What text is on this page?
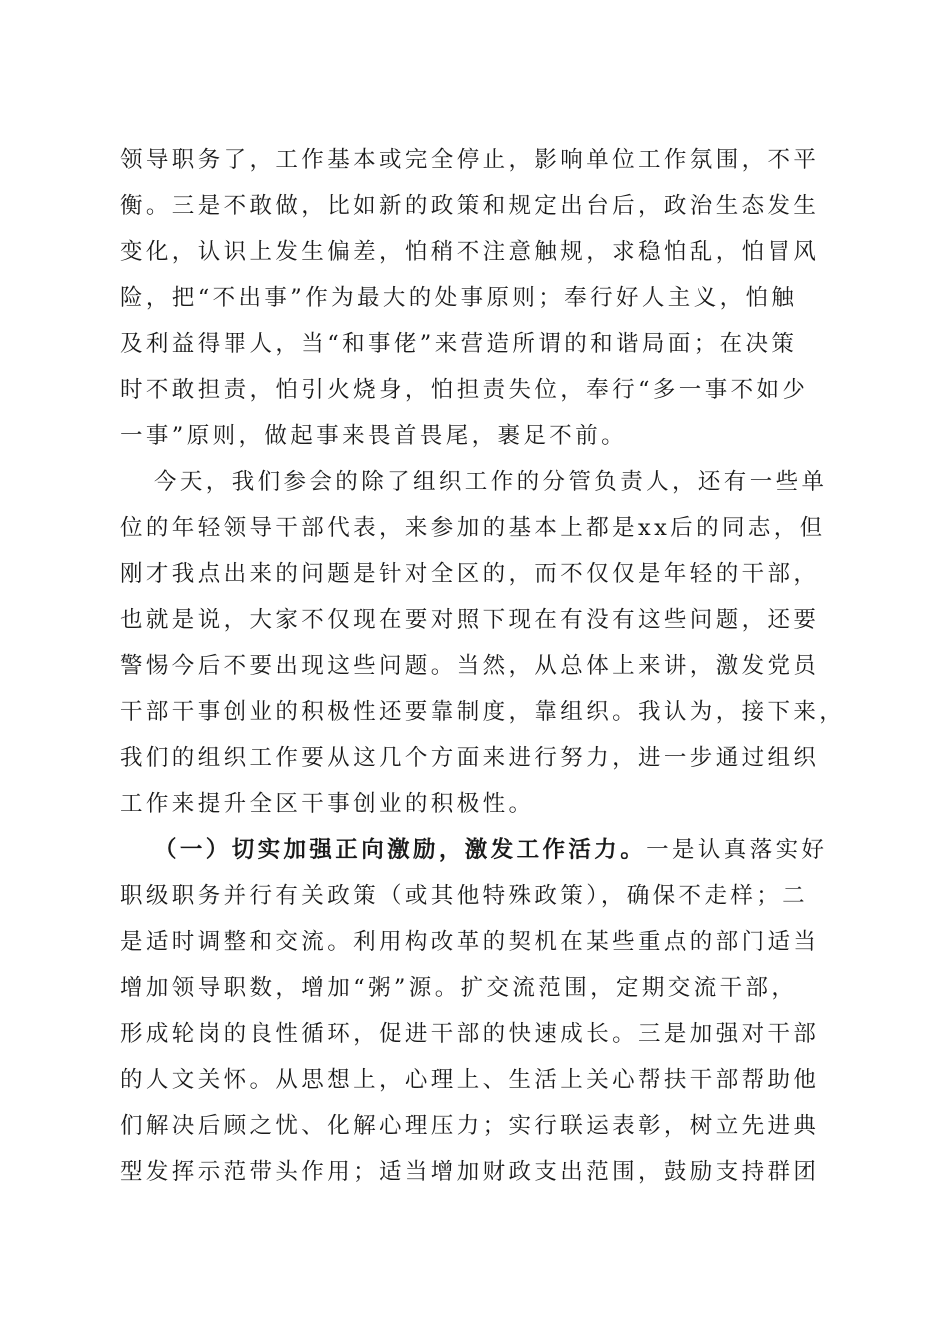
领导职务了，工作基本或完全停止，影响单位工作氛围，不平
衡。三是不敢做，比如新的政策和规定出台后，政治生态发生
变化，认识上发生偏差，怕稍不注意触规，求稳怕乱，怕冒风
险，把“不出事”作为最大的处事原则；奉行好人主义，怕触
及利益得罪人，当“和事佬”来营造所谓的和谐局面；在决策
时不敢担责，怕引火烧身，怕担责失位，奉行“多一事不如少
一事”原则，做起事来畏首畏尾，裹足不前。
今天，我们参会的除了组织工作的分管负责人，还有一些单
位的年轻领导干部代表，来参加的基本上都是xx后的同志，但
刚才我点出来的问题是针对全区的，而不仅仅是年轻的干部，
也就是说，大家不仅现在要对照下现在有没有这些问题，还要
警惕今后不要出现这些问题。当然，从总体上来讲，激发党员
干部干事创业的积极性还要靠制度，靠组织。我认为，接下来，
我们的组织工作要从这几个方面来进行努力，进一步通过组织
工作来提升全区干事创业的积极性。
（一）切实加强正向激励，激发工作活力。一是认真落实好
职级职务并行有关政策（或其他特殊政策），确保不走样；二
是适时调整和交流。利用构改革的契机在某些重点的部门适当
增加领导职数，增加“粥”源。扩交流范围，定期交流干部，
形成轮岗的良性循环，促进干部的快速成长。三是加强对干部
的人文关怀。从思想上，心理上、生活上关心帮扶干部帮助他
们解决后顾之忧、化解心理压力；实行联运表彰，树立先进典
型发挥示范带头作用；适当增加财政支出范围，鼓励支持群团
